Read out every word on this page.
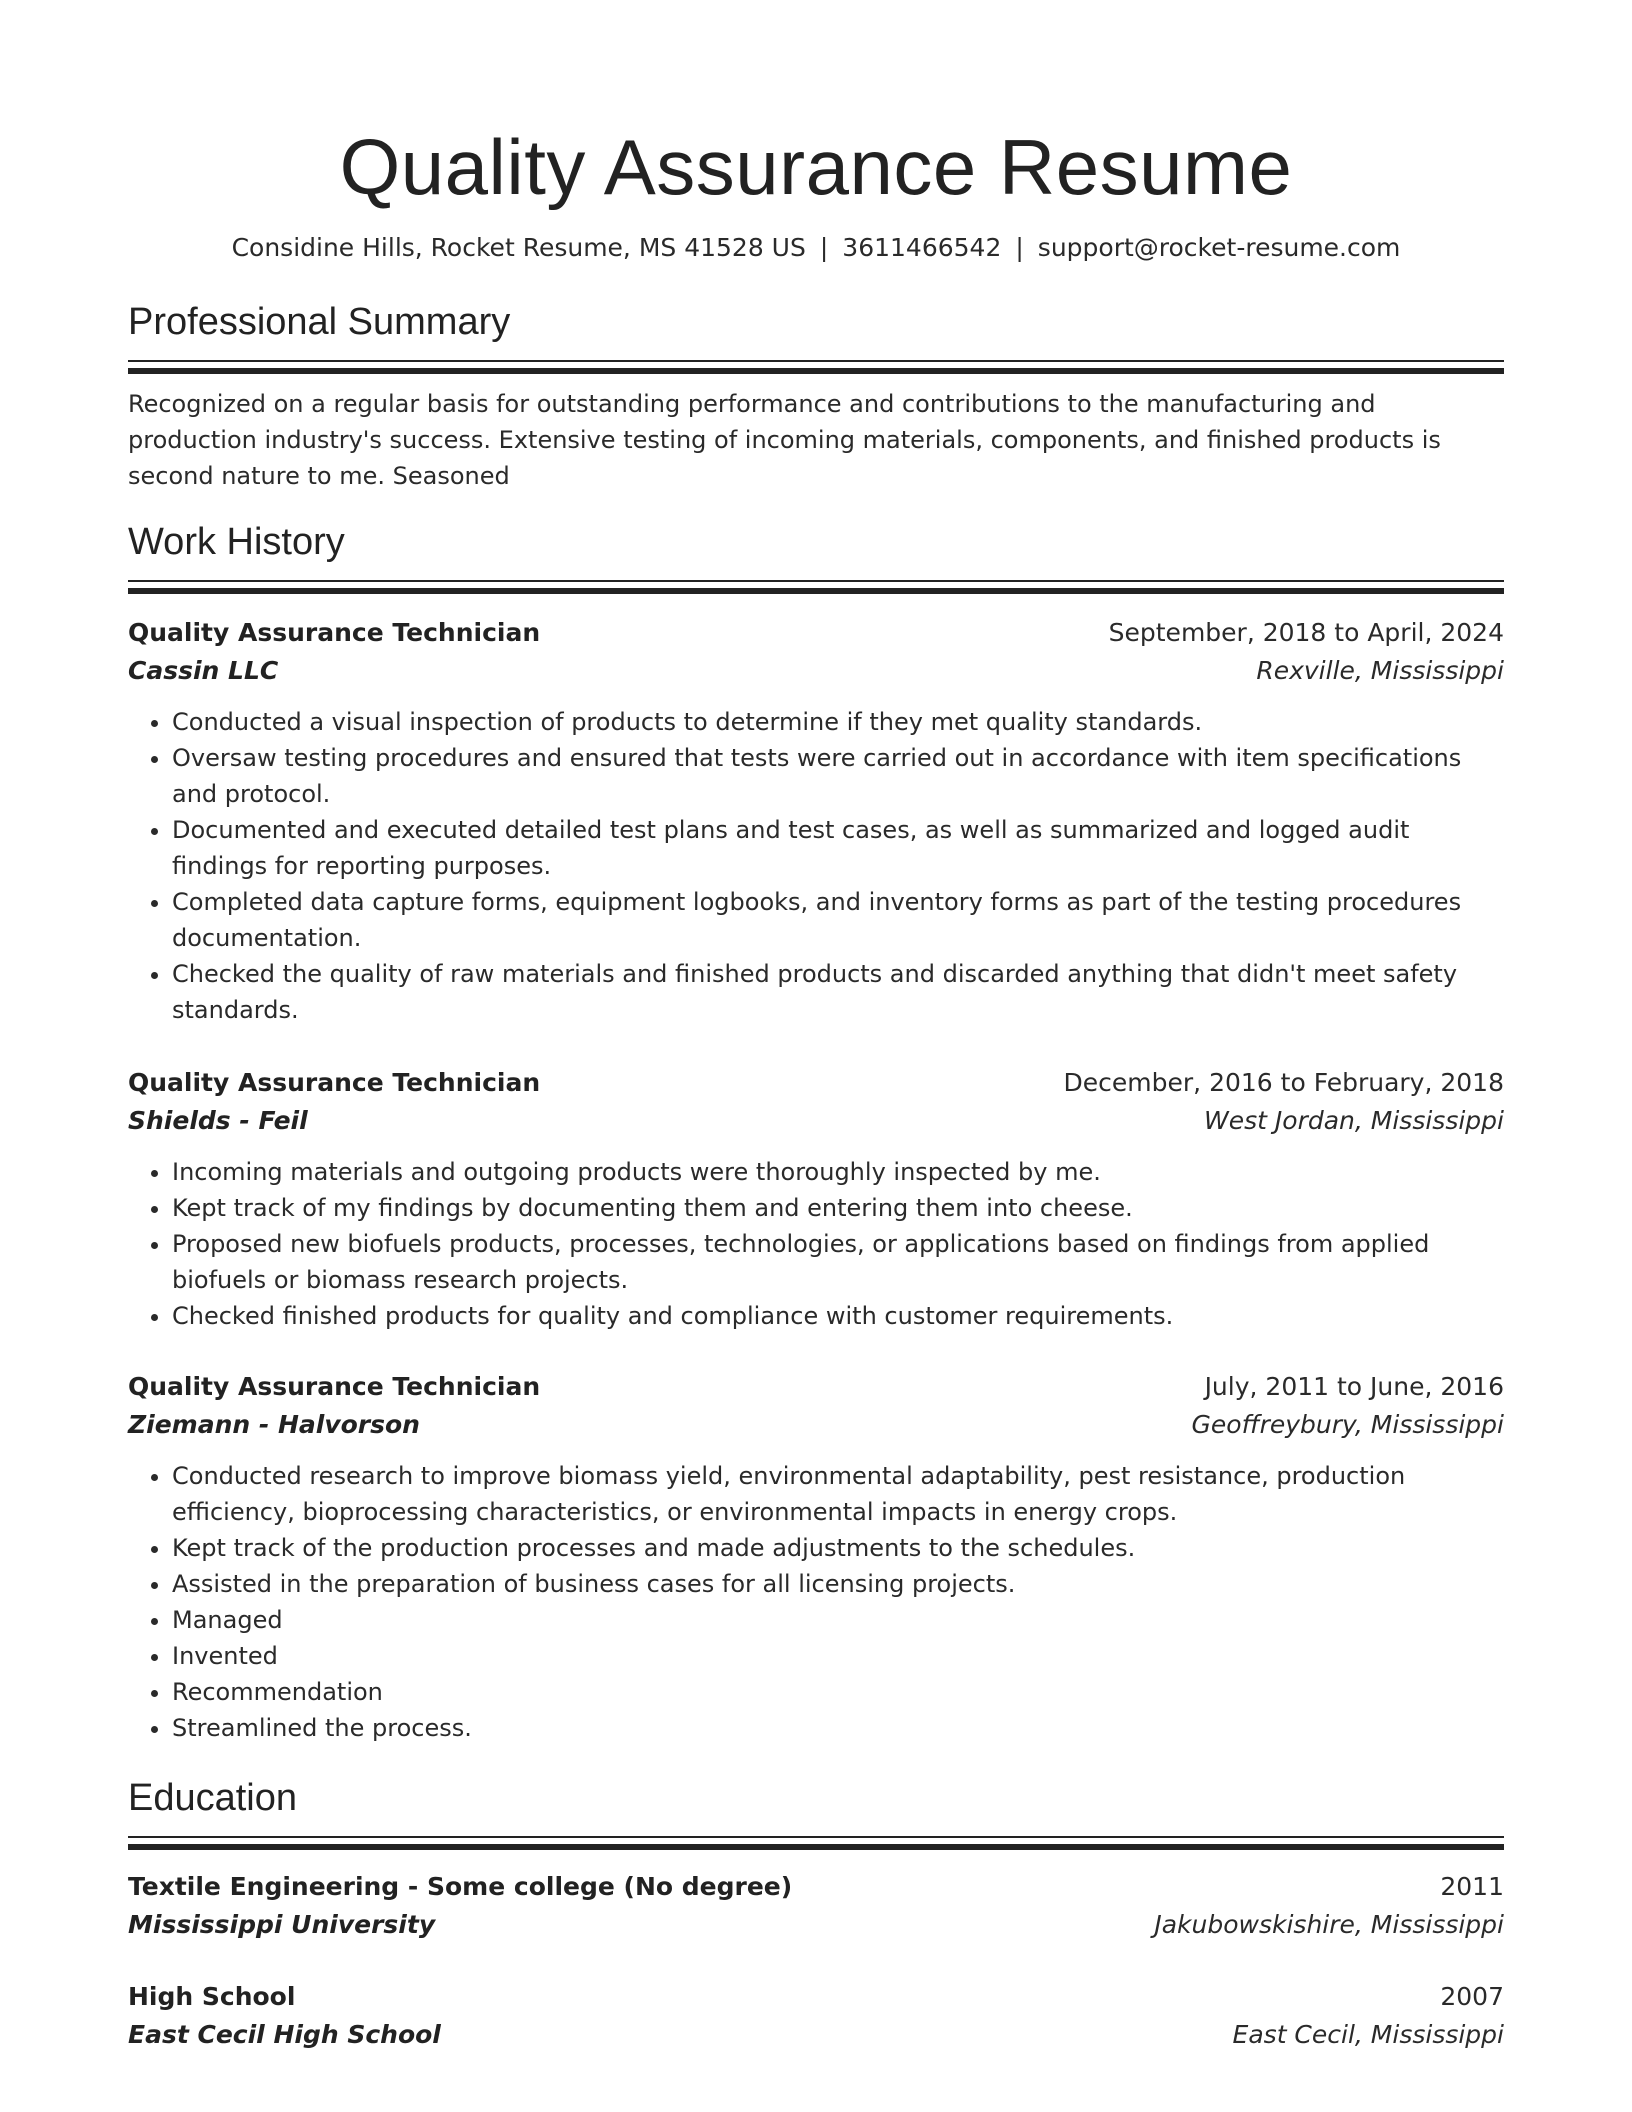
Quality Assurance Resume
Considine Hills, Rocket Resume, MS 41528 US | 3611466542 | support@rocket-resume.com
Professional Summary
Recognized on a regular basis for outstanding performance and contributions to the manufacturing and production industry's success. Extensive testing of incoming materials, components, and finished products is second nature to me. Seasoned
Work History
Quality Assurance Technician	September, 2018 to April, 2024
Cassin LLC	Rexville, Mississippi
• Conducted a visual inspection of products to determine if they met quality standards.
• Oversaw testing procedures and ensured that tests were carried out in accordance with item specifications and protocol.
• Documented and executed detailed test plans and test cases, as well as summarized and logged audit findings for reporting purposes.
• Completed data capture forms, equipment logbooks, and inventory forms as part of the testing procedures documentation.
• Checked the quality of raw materials and finished products and discarded anything that didn't meet safety standards.
Quality Assurance Technician	December, 2016 to February, 2018
Shields - Feil	West Jordan, Mississippi
• Incoming materials and outgoing products were thoroughly inspected by me.
• Kept track of my findings by documenting them and entering them into cheese.
• Proposed new biofuels products, processes, technologies, or applications based on findings from applied biofuels or biomass research projects.
• Checked finished products for quality and compliance with customer requirements.
Quality Assurance Technician	July, 2011 to June, 2016
Ziemann - Halvorson	Geoffreybury, Mississippi
• Conducted research to improve biomass yield, environmental adaptability, pest resistance, production efficiency, bioprocessing characteristics, or environmental impacts in energy crops.
• Kept track of the production processes and made adjustments to the schedules.
• Assisted in the preparation of business cases for all licensing projects.
• Managed
• Invented
• Recommendation
• Streamlined the process.
Education
Textile Engineering - Some college (No degree)	2011
Mississippi University	Jakubowskishire, Mississippi
High School	2007
East Cecil High School	East Cecil, Mississippi
